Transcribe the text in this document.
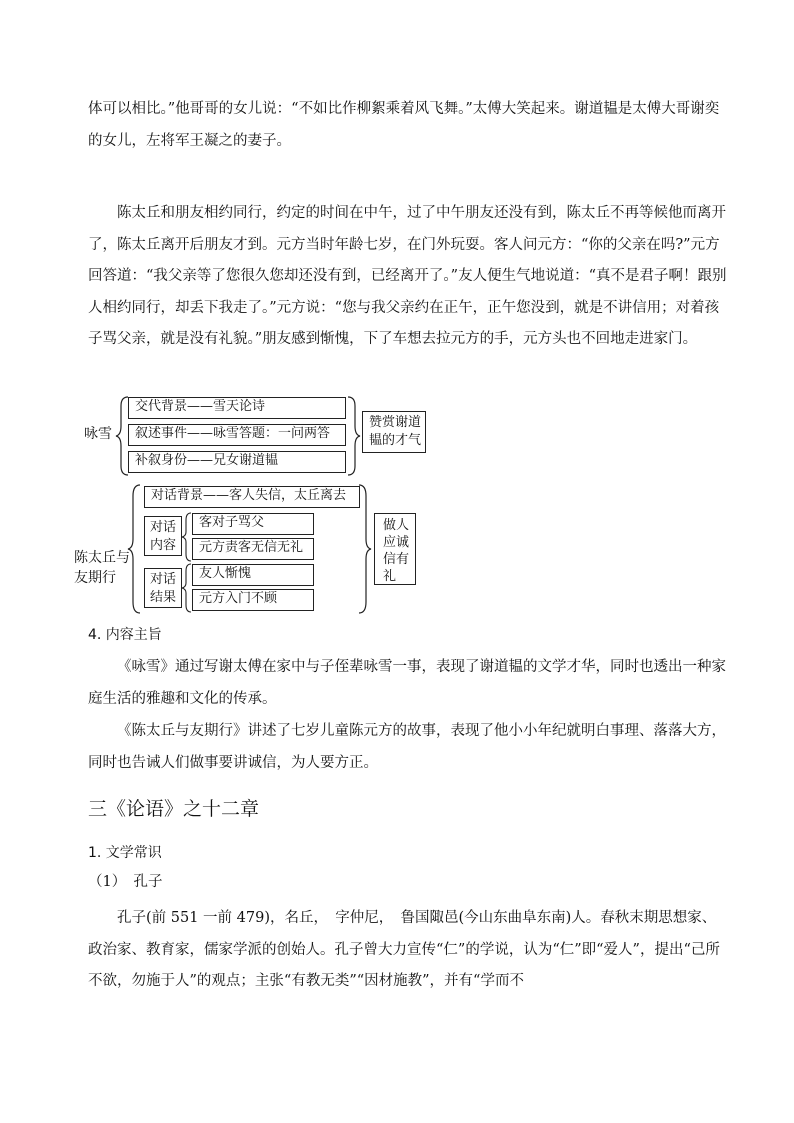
体可以相比。”他哥哥的女儿说：“不如比作柳絮乘着风飞舞。”太傅大笑起来。谢道韫是太傅大哥谢奕的女儿，左将军王凝之的妻子。

陈太丘和朋友相约同行，约定的时间在中午，过了中午朋友还没有到，陈太丘不再等候他而离开了，陈太丘离开后朋友才到。元方当时年龄七岁，在门外玩耍。客人问元方：“你的父亲在吗?”元方回答道：“我父亲等了您很久您却还没有到，已经离开了。”友人便生气地说道：“真不是君子啊！跟别人相约同行，却丢下我走了。”元方说：“您与我父亲约在正午，正午您没到，就是不讲信用；对着孩子骂父亲，就是没有礼貌。”朋友感到惭愧，下了车想去拉元方的手，元方头也不回地走进家门。

咏雪
交代背景——雪天论诗
叙述事件——咏雪答题：一问两答
补叙身份——兄女谢道韫
赞赏谢道韫的才气
陈太丘与友期行
对话背景——客人失信，太丘离去
对话内容
客对子骂父
元方责客无信无礼
对话结果
友人惭愧
元方入门不顾
做人应诚信有礼
4. 内容主旨

《咏雪》通过写谢太傅在家中与子侄辈咏雪一事，表现了谢道韫的文学才华，同时也透出一种家庭生活的雅趣和文化的传承。

《陈太丘与友期行》讲述了七岁儿童陈元方的故事，表现了他小小年纪就明白事理、落落大方，同时也告诫人们做事要讲诚信，为人要方正。

三《论语》之十二章
1. 文学常识
（1）　孔子

孔子(前 551 一前 479)，名丘，　字仲尼，　鲁国陬邑(今山东曲阜东南)人。春秋末期思想家、政治家、教育家，儒家学派的创始人。孔子曾大力宣传“仁”的学说，认为“仁”即“爱人”，提出“己所不欲，勿施于人”的观点；主张“有教无类”“因材施教”，并有“学而不
